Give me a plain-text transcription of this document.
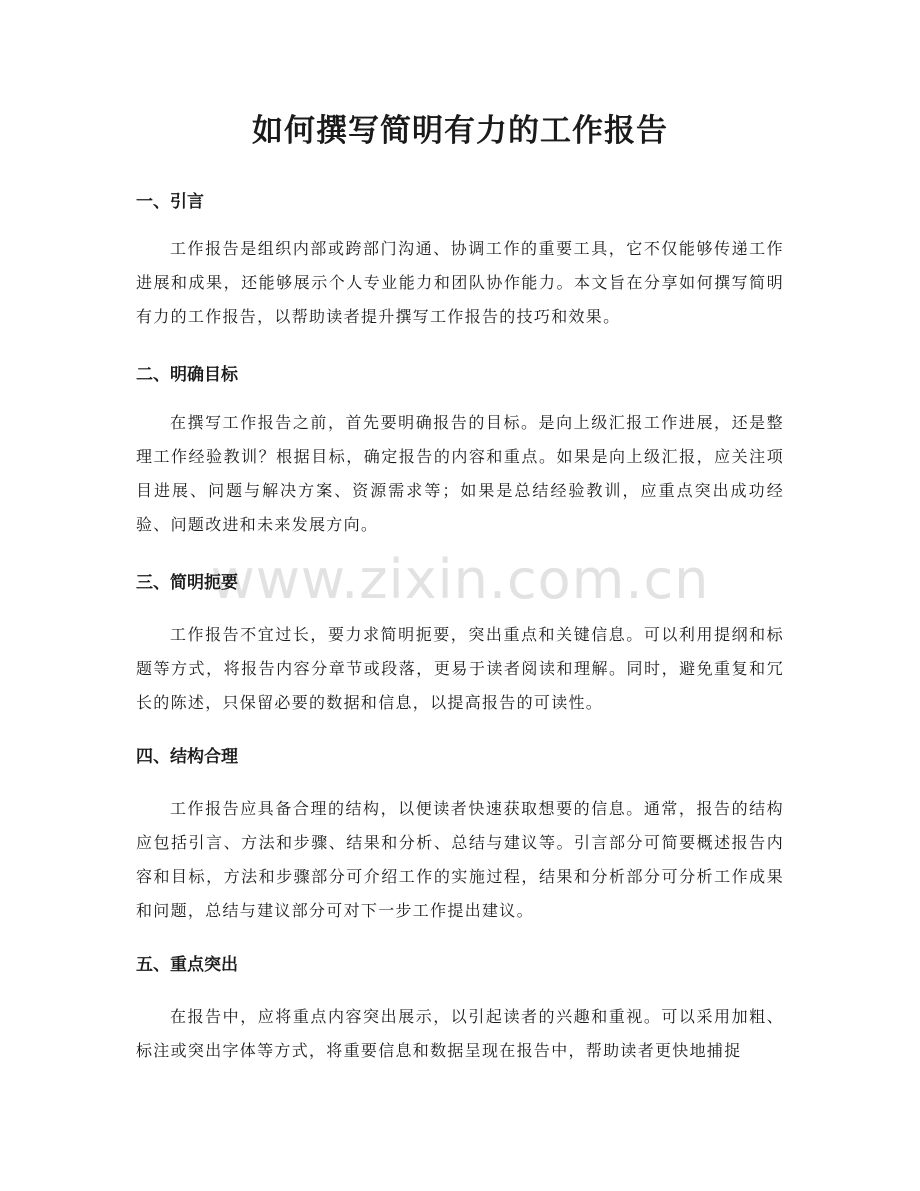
www.zixin.com.cn
如何撰写简明有力的工作报告
一、引言

工作报告是组织内部或跨部门沟通、协调工作的重要工具，它不仅能够传递工作进展和成果，还能够展示个人专业能力和团队协作能力。本文旨在分享如何撰写简明有力的工作报告，以帮助读者提升撰写工作报告的技巧和效果。

二、明确目标

在撰写工作报告之前，首先要明确报告的目标。是向上级汇报工作进展，还是整理工作经验教训？根据目标，确定报告的内容和重点。如果是向上级汇报，应关注项目进展、问题与解决方案、资源需求等；如果是总结经验教训，应重点突出成功经验、问题改进和未来发展方向。

三、简明扼要

工作报告不宜过长，要力求简明扼要，突出重点和关键信息。可以利用提纲和标题等方式，将报告内容分章节或段落，更易于读者阅读和理解。同时，避免重复和冗长的陈述，只保留必要的数据和信息，以提高报告的可读性。

四、结构合理

工作报告应具备合理的结构，以便读者快速获取想要的信息。通常，报告的结构应包括引言、方法和步骤、结果和分析、总结与建议等。引言部分可简要概述报告内容和目标，方法和步骤部分可介绍工作的实施过程，结果和分析部分可分析工作成果和问题，总结与建议部分可对下一步工作提出建议。

五、重点突出

在报告中，应将重点内容突出展示，以引起读者的兴趣和重视。可以采用加粗、标注或突出字体等方式，将重要信息和数据呈现在报告中，帮助读者更快地捕捉
